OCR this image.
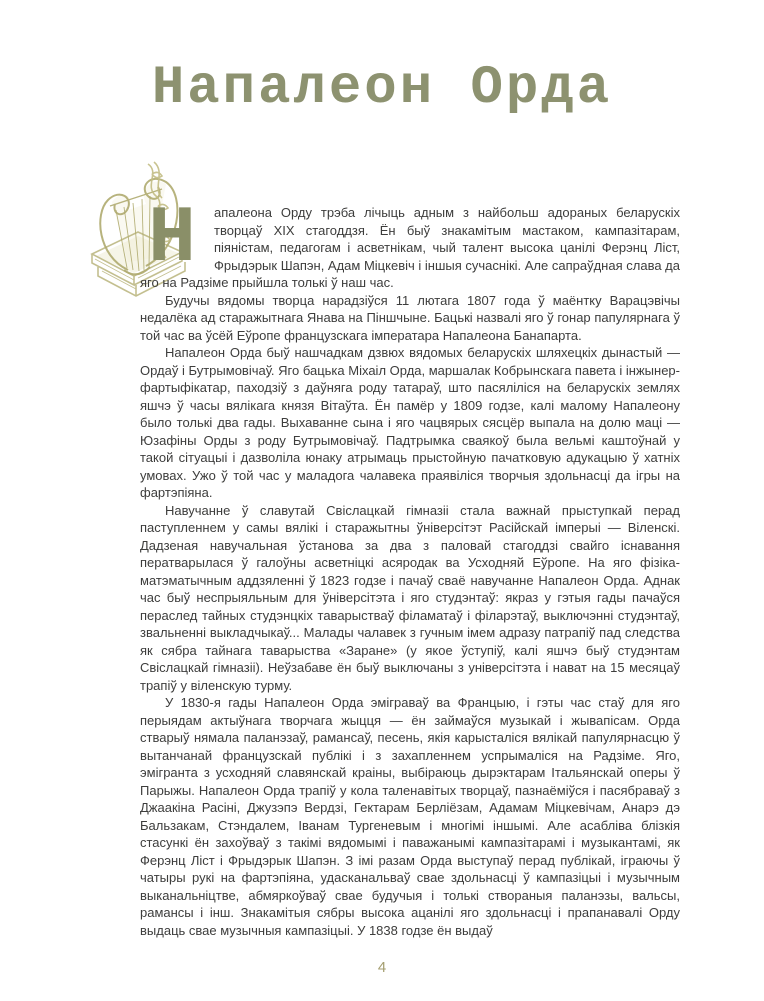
Напалеон Орда

Н апалеона Орду трэба лічыць адным з найбольш адораных беларускіх творцаў XIX стагоддзя. Ён быў знакамітым мастаком, кампазітарам, піяністам, педагогам і асветнікам, чый талент высока цанілі Ферэнц Ліст, Фрыдэрык Шапэн, Адам Міцкевіч і іншыя сучаснікі. Але сапраўдная слава да яго на Радзіме прыйшла толькі ў наш час.

Будучы вядомы творца нарадзіўся 11 лютага 1807 года ў маёнтку Варацэвічы недалёка ад старажытнага Янава на Піншчыне. Бацькі назвалі яго ў гонар папулярнага ў той час ва ўсёй Еўропе французскага імператара Напалеона Банапарта.

Напалеон Орда быў нашчадкам дзвюх вядомых беларускіх шляхецкіх дынастый — Ордаў і Бутрымовічаў. Яго бацька Міхаіл Орда, маршалак Кобрынскага павета і інжынер-фартыфікатар, паходзіў з даўняга роду татараў, што пасяліліся на беларускіх землях яшчэ ў часы вялікага князя Вітаўта. Ён памёр у 1809 годзе, калі малому Напалеону было толькі два гады. Выхаванне сына і яго чацвярых сясцёр выпала на долю маці — Юзафіны Орды з роду Бутрымовічаў. Падтрымка сваякоў была вельмі каштоўнай у такой сітуацыі і дазволіла юнаку атрымаць прыстойную пачатковую адукацыю ў хатніх умовах. Ужо ў той час у маладога чалавека праявіліся творчыя здольнасці да ігры на фартэпіяна.

Навучанне ў славутай Свіслацкай гімназіі стала важнай прыступкай перад паступленнем у самы вялікі і старажытны ўніверсітэт Расійскай імперыі — Віленскі. Дадзеная навучальная ўстанова за два з паловай стагоддзі свайго існавання ператварылася ў галоўны асветніцкі асяродак ва Усходняй Еўропе. На яго фізіка-матэматычным аддзяленні ў 1823 годзе і пачаў сваё навучанне Напалеон Орда. Аднак час быў неспрыяльным для ўніверсітэта і яго студэнтаў: якраз у гэтыя гады пачаўся пераслед тайных студэнцкіх таварыстваў філаматаў і філарэтаў, выключэнні студэнтаў, звальненні выкладчыкаў... Малады чалавек з гучным імем адразу патрапіў пад следства як сябра тайнага таварыства «Заране» (у якое ўступіў, калі яшчэ быў студэнтам Свіслацкай гімназіі). Неўзабаве ён быў выключаны з універсітэта і нават на 15 месяцаў трапіў у віленскую турму.

У 1830-я гады Напалеон Орда эміграваў ва Францыю, і гэты час стаў для яго перыядам актыўнага творчага жыцця — ён займаўся музыкай і жывапісам. Орда стварыў нямала паланэзаў, рамансаў, песень, якія карысталіся вялікай папулярнасцю ў вытанчанай французскай публікі і з захапленнем успрымаліся на Радзіме. Яго, эмігранта з усходняй славянскай краіны, выбіраюць дырэктарам Італьянскай оперы ў Парыжы. Напалеон Орда трапіў у кола таленавітых творцаў, пазнаёміўся і пасябраваў з Джаакіна Расіні, Джузэпэ Вердзі, Гектарам Берліёзам, Адамам Міцкевічам, Анарэ дэ Бальзакам, Стэндалем, Іванам Тургеневым і многімі іншымі. Але асабліва блізкія стасункі ён захоўваў з такімі вядомымі і паважанымі кампазітарамі і музыкантамі, як Ферэнц Ліст і Фрыдэрык Шапэн. З імі разам Орда выступаў перад публікай, іграючы ў чатыры рукі на фартэпіяна, удасканальваў свае здольнасці ў кампазіцыі і музычным выканальніцтве, абмяркоўваў свае будучыя і толькі створаныя паланэзы, вальсы, рамансы і інш. Знакамітыя сябры высока ацанілі яго здольнасці і прапанавалі Орду выдаць свае музычныя кампазіцыі. У 1838 годзе ён выдаў

4
